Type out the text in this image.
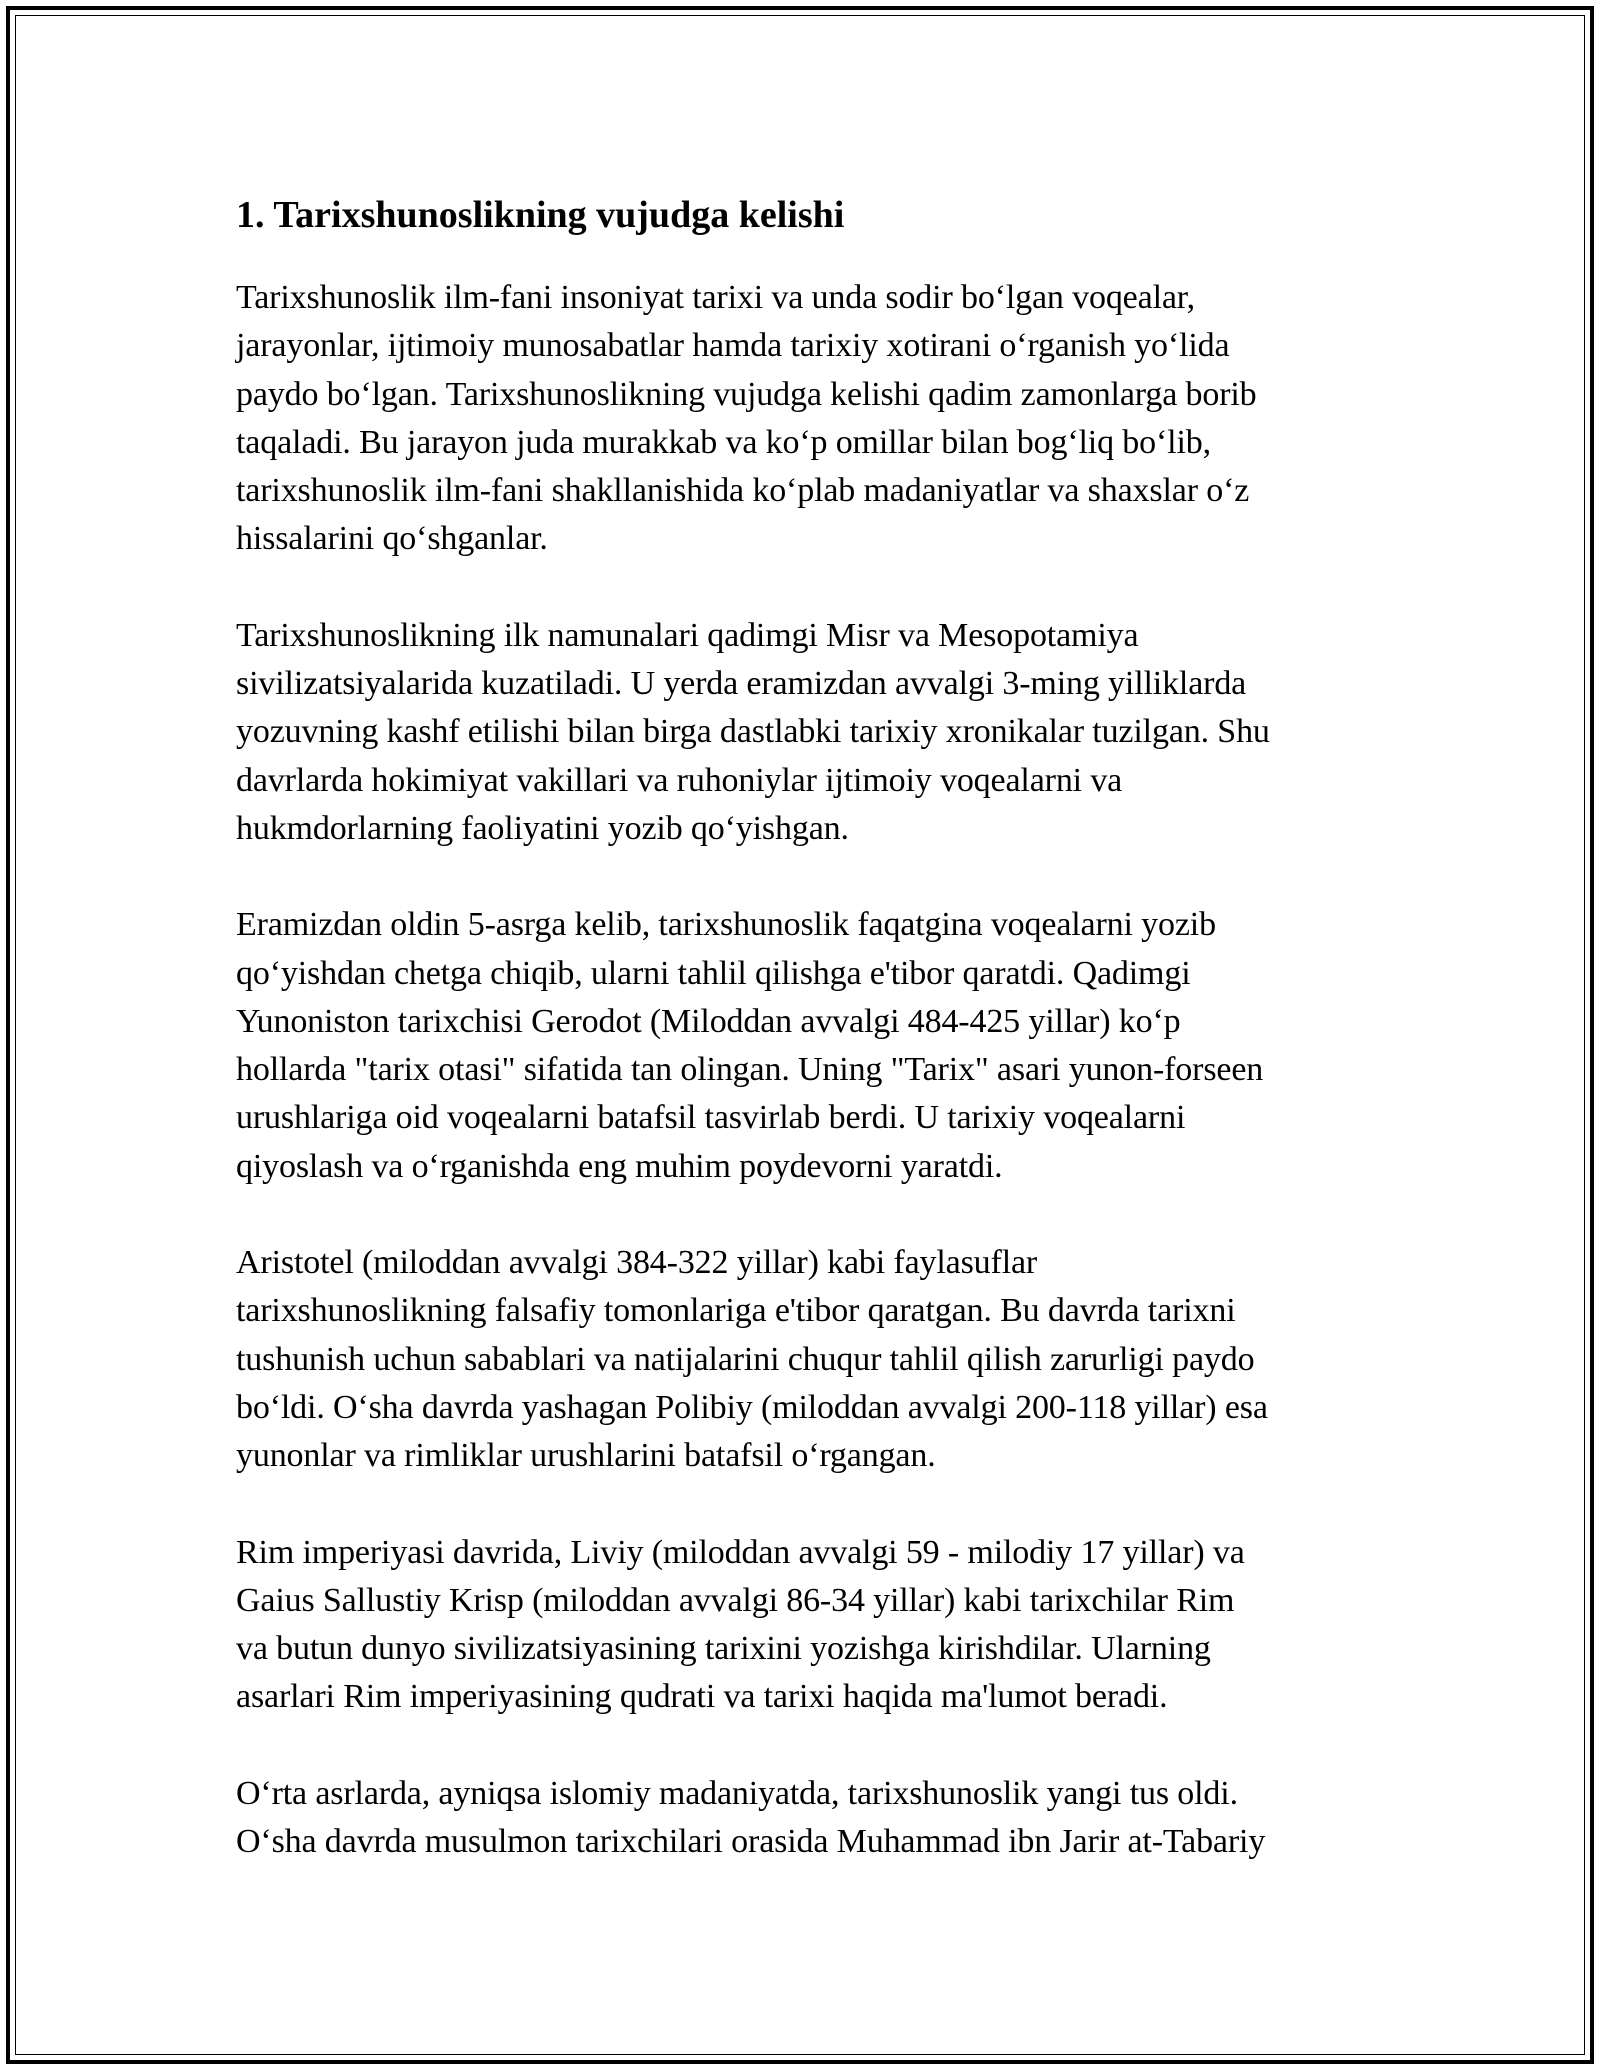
1. Tarixshunoslikning vujudga kelishi
Tarixshunoslik ilm-fani insoniyat tarixi va unda sodir bo‘lgan voqealar,
jarayonlar, ijtimoiy munosabatlar hamda tarixiy xotirani o‘rganish yo‘lida
paydo bo‘lgan. Tarixshunoslikning vujudga kelishi qadim zamonlarga borib
taqaladi. Bu jarayon juda murakkab va ko‘p omillar bilan bog‘liq bo‘lib,
tarixshunoslik ilm-fani shakllanishida ko‘plab madaniyatlar va shaxslar o‘z
hissalarini qo‘shganlar.
Tarixshunoslikning ilk namunalari qadimgi Misr va Mesopotamiya
sivilizatsiyalarida kuzatiladi. U yerda eramizdan avvalgi 3-ming yilliklarda
yozuvning kashf etilishi bilan birga dastlabki tarixiy xronikalar tuzilgan. Shu
davrlarda hokimiyat vakillari va ruhoniylar ijtimoiy voqealarni va
hukmdorlarning faoliyatini yozib qo‘yishgan.
Eramizdan oldin 5-asrga kelib, tarixshunoslik faqatgina voqealarni yozib
qo‘yishdan chetga chiqib, ularni tahlil qilishga e'tibor qaratdi. Qadimgi
Yunoniston tarixchisi Gerodot (Miloddan avvalgi 484-425 yillar) ko‘p
hollarda "tarix otasi" sifatida tan olingan. Uning "Tarix" asari yunon-forseen
urushlariga oid voqealarni batafsil tasvirlab berdi. U tarixiy voqealarni
qiyoslash va o‘rganishda eng muhim poydevorni yaratdi.
Aristotel (miloddan avvalgi 384-322 yillar) kabi faylasuflar
tarixshunoslikning falsafiy tomonlariga e'tibor qaratgan. Bu davrda tarixni
tushunish uchun sabablari va natijalarini chuqur tahlil qilish zarurligi paydo
bo‘ldi. O‘sha davrda yashagan Polibiy (miloddan avvalgi 200-118 yillar) esa
yunonlar va rimliklar urushlarini batafsil o‘rgangan.
Rim imperiyasi davrida, Liviy (miloddan avvalgi 59 - milodiy 17 yillar) va
Gaius Sallustiy Krisp (miloddan avvalgi 86-34 yillar) kabi tarixchilar Rim
va butun dunyo sivilizatsiyasining tarixini yozishga kirishdilar. Ularning
asarlari Rim imperiyasining qudrati va tarixi haqida ma'lumot beradi.
O‘rta asrlarda, ayniqsa islomiy madaniyatda, tarixshunoslik yangi tus oldi.
O‘sha davrda musulmon tarixchilari orasida Muhammad ibn Jarir at-Tabariy
